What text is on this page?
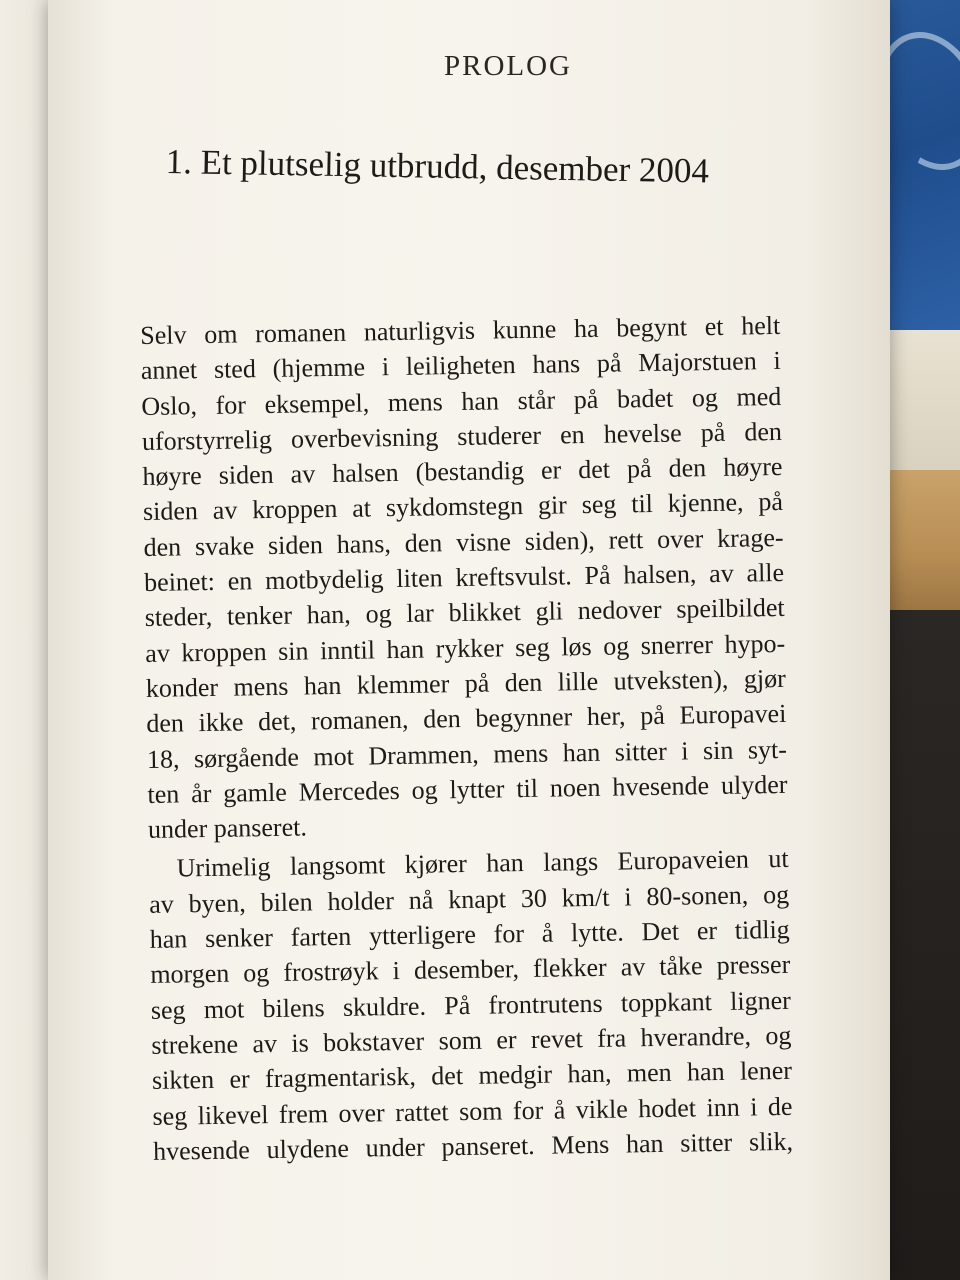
PROLOG
1. Et plutselig utbrudd, desember 2004
Selv om romanen naturligvis kunne ha begynt et helt
annet sted (hjemme i leiligheten hans på Majorstuen i
Oslo, for eksempel, mens han står på badet og med
uforstyrrelig overbevisning studerer en hevelse på den
høyre siden av halsen (bestandig er det på den høyre
siden av kroppen at sykdomstegn gir seg til kjenne, på
den svake siden hans, den visne siden), rett over krage-
beinet: en motbydelig liten kreftsvulst. På halsen, av alle
steder, tenker han, og lar blikket gli nedover speilbildet
av kroppen sin inntil han rykker seg løs og snerrer hypo-
konder mens han klemmer på den lille utveksten), gjør
den ikke det, romanen, den begynner her, på Europavei
18, sørgående mot Drammen, mens han sitter i sin syt-
ten år gamle Mercedes og lytter til noen hvesende ulyder
under panseret.
Urimelig langsomt kjører han langs Europaveien ut
av byen, bilen holder nå knapt 30 km/t i 80-sonen, og
han senker farten ytterligere for å lytte. Det er tidlig
morgen og frostrøyk i desember, flekker av tåke presser
seg mot bilens skuldre. På frontrutens toppkant ligner
strekene av is bokstaver som er revet fra hverandre, og
sikten er fragmentarisk, det medgir han, men han lener
seg likevel frem over rattet som for å vikle hodet inn i de
hvesende ulydene under panseret. Mens han sitter slik,
